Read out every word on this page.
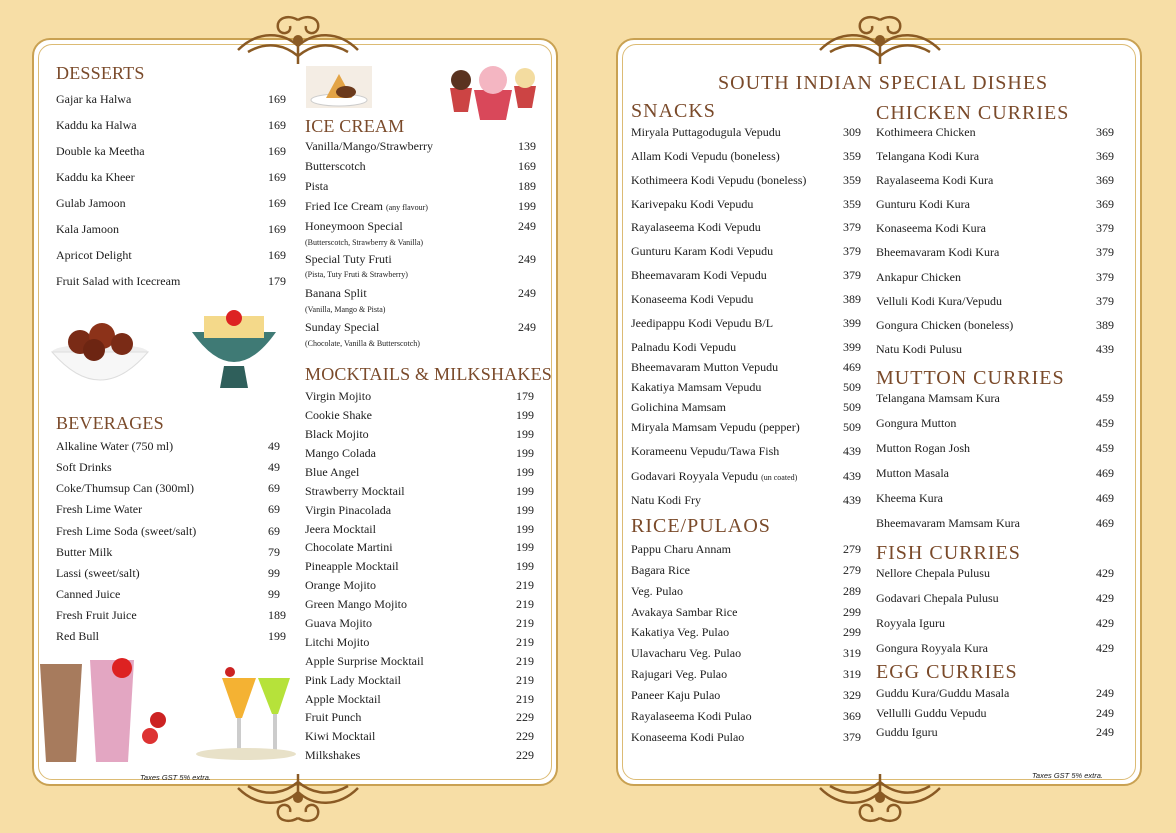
DESSERTS
Gajar ka Halwa	169
Kaddu ka Halwa	169
Double ka Meetha	169
Kaddu ka Kheer	169
Gulab Jamoon	169
Kala Jamoon	169
Apricot Delight	169
Fruit Salad with Icecream	179
BEVERAGES
Alkaline Water (750 ml)	49
Soft Drinks	49
Coke/Thumsup Can (300ml)	69
Fresh Lime Water	69
Fresh Lime Soda (sweet/salt)	69
Butter Milk	79
Lassi (sweet/salt)	99
Canned Juice	99
Fresh Fruit Juice	189
Red Bull	199
ICE CREAM
Vanilla/Mango/Strawberry	139
Butterscotch	169
Pista	189
Fried Ice Cream (any flavour)	199
Honeymoon Special	249
(Butterscotch, Strawberry & Vanilla)
Special Tuty Fruti	249
(Pista, Tuty Fruti & Strawberry)
Banana Split	249
(Vanilla, Mango & Pista)
Sunday Special	249
(Chocolate, Vanilla & Butterscotch)
MOCKTAILS & MILKSHAKES
Virgin Mojito	179
Cookie Shake	199
Black Mojito	199
Mango Colada	199
Blue Angel	199
Strawberry Mocktail	199
Virgin Pinacolada	199
Jeera Mocktail	199
Chocolate Martini	199
Pineapple Mocktail	199
Orange Mojito	219
Green Mango Mojito	219
Guava Mojito	219
Litchi Mojito	219
Apple Surprise Mocktail	219
Pink Lady Mocktail	219
Apple Mocktail	219
Fruit Punch	229
Kiwi Mocktail	229
Milkshakes	229
Taxes GST 5% extra.
SOUTH INDIAN SPECIAL DISHES
SNACKS
Miryala Puttagodugula Vepudu	309
Allam Kodi Vepudu (boneless)	359
Kothimeera Kodi Vepudu (boneless)	359
Karivepaku Kodi Vepudu	359
Rayalaseema Kodi Vepudu	379
Gunturu Karam Kodi Vepudu	379
Bheemavaram Kodi Vepudu	379
Konaseema Kodi Vepudu	389
Jeedipappu Kodi Vepudu B/L	399
Palnadu Kodi Vepudu	399
Bheemavaram Mutton Vepudu	469
Kakatiya Mamsam Vepudu	509
Golichina Mamsam	509
Miryala Mamsam Vepudu (pepper)	509
Korameenu Vepudu/Tawa Fish	439
Godavari Royyala Vepudu (un coated)	439
Natu Kodi Fry	439
RICE/PULAOS
Pappu Charu Annam	279
Bagara Rice	279
Veg. Pulao	289
Avakaya Sambar Rice	299
Kakatiya Veg. Pulao	299
Ulavacharu Veg. Pulao	319
Rajugari Veg. Pulao	319
Paneer Kaju Pulao	329
Rayalaseema Kodi Pulao	369
Konaseema Kodi Pulao	379
CHICKEN CURRIES
Kothimeera Chicken	369
Telangana Kodi Kura	369
Rayalaseema Kodi Kura	369
Gunturu Kodi Kura	369
Konaseema Kodi Kura	379
Bheemavaram Kodi Kura	379
Ankapur Chicken	379
Velluli Kodi Kura/Vepudu	379
Gongura Chicken (boneless)	389
Natu Kodi Pulusu	439
MUTTON CURRIES
Telangana Mamsam Kura	459
Gongura Mutton	459
Mutton Rogan Josh	459
Mutton Masala	469
Kheema Kura	469
Bheemavaram Mamsam Kura	469
FISH CURRIES
Nellore Chepala Pulusu	429
Godavari Chepala Pulusu	429
Royyala Iguru	429
Gongura Royyala Kura	429
EGG CURRIES
Guddu Kura/Guddu Masala	249
Vellulli Guddu Vepudu	249
Guddu Iguru	249
Taxes GST 5% extra.
